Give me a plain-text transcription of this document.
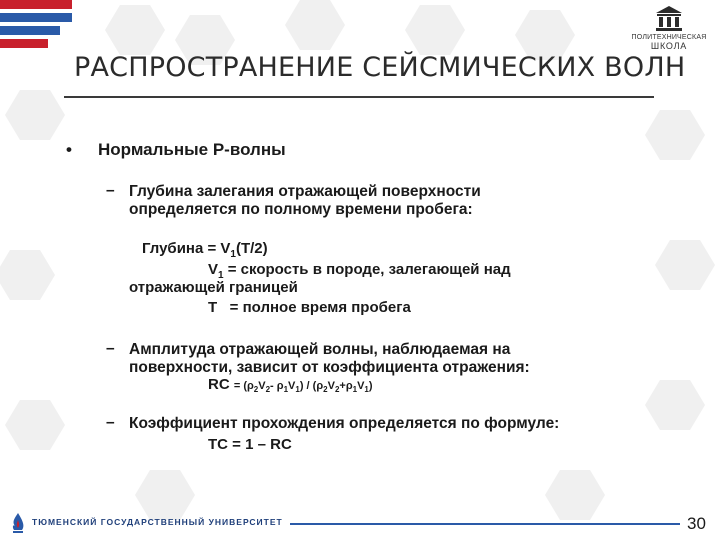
ПОЛИТЕХНИЧЕСКАЯ
ШКОЛА
РАСПРОСТРАНЕНИЕ СЕЙСМИЧЕСКИХ ВОЛН
• Нормальные Р-волны
– Глубина залегания отражающей поверхности
определяется по полному времени пробега:
Глубина = $V_1(T/2)$
$V_1$ = скорость в породе, залегающей над
отражающей границей
T   = полное время пробега
– Амплитуда отражающей волны, наблюдаемая на
поверхности, зависит от коэффициента отражения:
RC = ($\rho_2V_2-$ $\rho_1V_1) / (\rho_2V_2+\rho_1V_1)$
– Коэффициент прохождения определяется по формуле:
TC = 1 – RC
ТЮМЕНСКИЙ ГОСУДАРСТВЕННЫЙ УНИВЕРСИТЕТ	30
